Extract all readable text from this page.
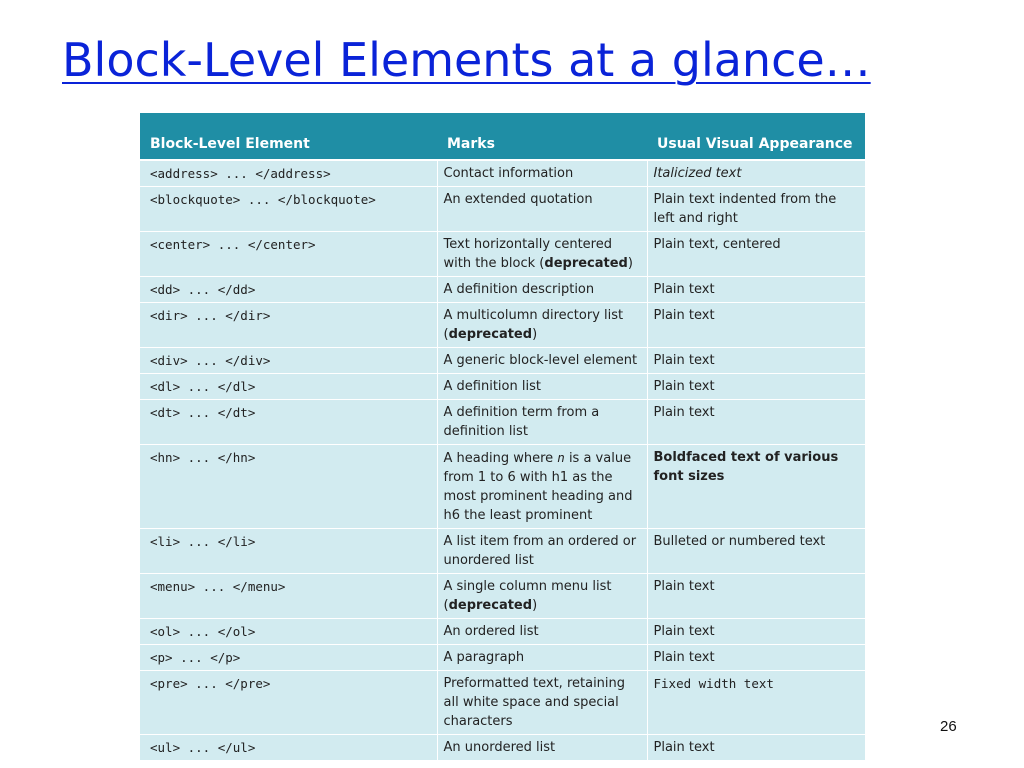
Block-Level Elements at a glance…
Block-Level Element	Marks	Usual Visual Appearance
<address> ... </address>	Contact information	Italicized text
<blockquote> ... </blockquote>	An extended quotation	Plain text indented from the left and right
<center> ... </center>	Text horizontally centered with the block (deprecated)	Plain text, centered
<dd> ... </dd>	A definition description	Plain text
<dir> ... </dir>	A multicolumn directory list (deprecated)	Plain text
<div> ... </div>	A generic block-level element	Plain text
<dl> ... </dl>	A definition list	Plain text
<dt> ... </dt>	A definition term from a definition list	Plain text
<hn> ... </hn>	A heading where n is a value from 1 to 6 with h1 as the most prominent heading and h6 the least prominent	Boldfaced text of various font sizes
<li> ... </li>	A list item from an ordered or unordered list	Bulleted or numbered text
<menu> ... </menu>	A single column menu list (deprecated)	Plain text
<ol> ... </ol>	An ordered list	Plain text
<p> ... </p>	A paragraph	Plain text
<pre> ... </pre>	Preformatted text, retaining all white space and special characters	Fixed width text
<ul> ... </ul>	An unordered list	Plain text
26
